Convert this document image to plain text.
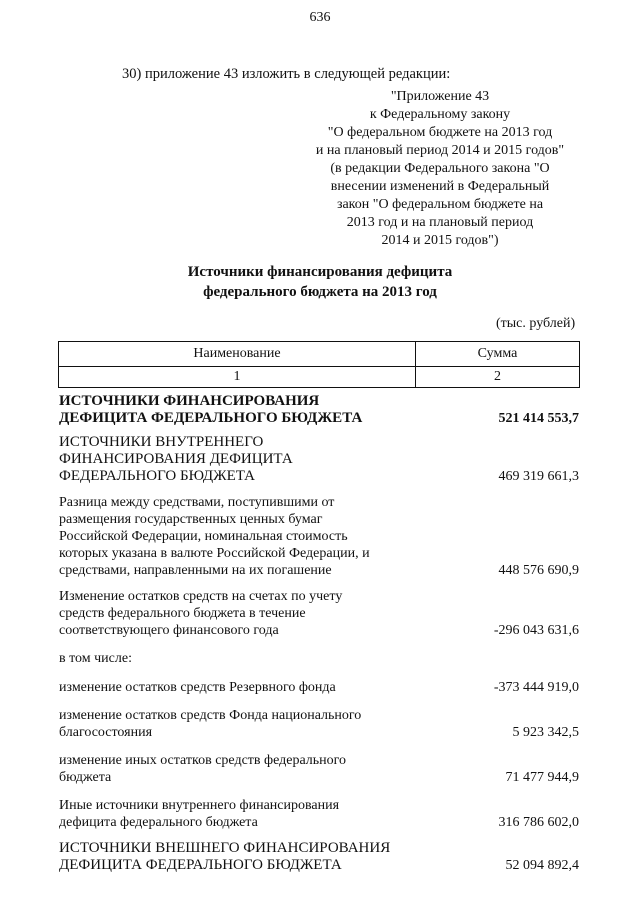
636
30) приложение 43 изложить в следующей редакции:
"Приложение 43
к Федеральному закону
"О федеральном бюджете на 2013 год
и на плановый период 2014 и 2015 годов"
(в редакции Федерального закона "О
внесении изменений в Федеральный
закон "О федеральном бюджете на
2013 год и на плановый период
2014 и 2015 годов")
Источники финансирования дефицита
федерального бюджета на 2013 год
(тыс. рублей)
Наименование	Сумма
1	2
ИСТОЧНИКИ ФИНАНСИРОВАНИЯ
ДЕФИЦИТА ФЕДЕРАЛЬНОГО БЮДЖЕТА	521 414 553,7
ИСТОЧНИКИ ВНУТРЕННЕГО
ФИНАНСИРОВАНИЯ ДЕФИЦИТА
ФЕДЕРАЛЬНОГО БЮДЖЕТА	469 319 661,3
Разница между средствами, поступившими от
размещения государственных ценных бумаг
Российской Федерации, номинальная стоимость
которых указана в валюте Российской Федерации, и
средствами, направленными на их погашение	448 576 690,9
Изменение остатков средств на счетах по учету
средств федерального бюджета в течение
соответствующего финансового года	-296 043 631,6
в том числе:
изменение остатков средств Резервного фонда	-373 444 919,0
изменение остатков средств Фонда национального
благосостояния	5 923 342,5
изменение иных остатков средств федерального
бюджета	71 477 944,9
Иные источники внутреннего финансирования
дефицита федерального бюджета	316 786 602,0
ИСТОЧНИКИ ВНЕШНЕГО ФИНАНСИРОВАНИЯ
ДЕФИЦИТА ФЕДЕРАЛЬНОГО БЮДЖЕТА	52 094 892,4
